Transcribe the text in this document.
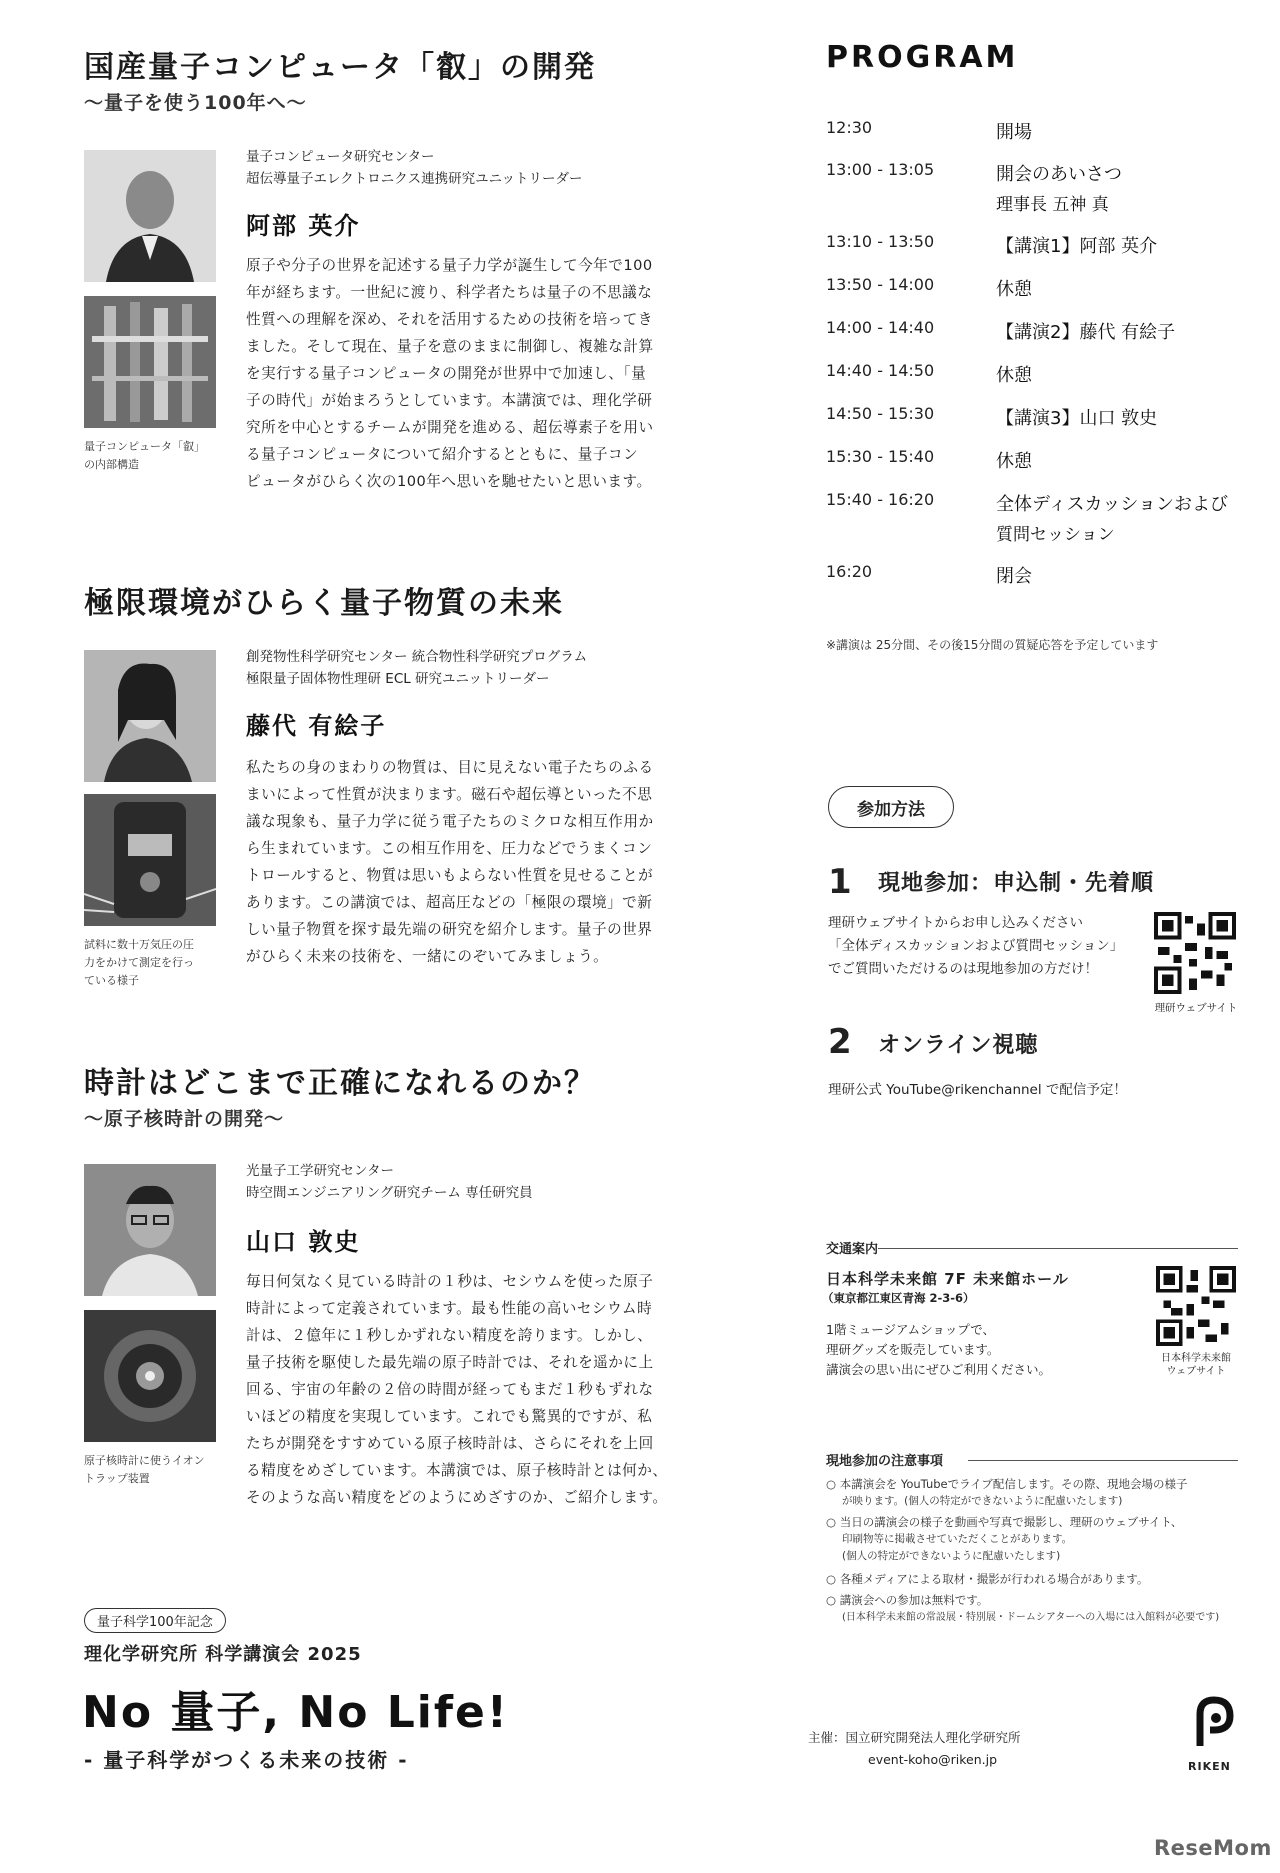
国産量子コンピュータ「叡」の開発
〜量子を使う100年へ〜
量子コンピュータ「叡」
の内部構造
量子コンピュータ研究センター
超伝導量子エレクトロニクス連携研究ユニットリーダー
阿部 英介
原子や分子の世界を記述する量子力学が誕生して今年で100
年が経ちます。一世紀に渡り、科学者たちは量子の不思議な
性質への理解を深め、それを活用するための技術を培ってき
ました。そして現在、量子を意のままに制御し、複雑な計算
を実行する量子コンピュータの開発が世界中で加速し、「量
子の時代」が始まろうとしています。本講演では、理化学研
究所を中心とするチームが開発を進める、超伝導素子を用い
る量子コンピュータについて紹介するとともに、量子コン
ピュータがひらく次の100年へ思いを馳せたいと思います。
極限環境がひらく量子物質の未来
試料に数十万気圧の圧
力をかけて測定を行っ
ている様子
創発物性科学研究センター 統合物性科学研究プログラム
極限量子固体物性理研 ECL 研究ユニットリーダー
藤代 有絵子
私たちの身のまわりの物質は、目に見えない電子たちのふる
まいによって性質が決まります。磁石や超伝導といった不思
議な現象も、量子力学に従う電子たちのミクロな相互作用か
ら生まれています。この相互作用を、圧力などでうまくコン
トロールすると、物質は思いもよらない性質を見せることが
あります。この講演では、超高圧などの「極限の環境」で新
しい量子物質を探す最先端の研究を紹介します。量子の世界
がひらく未来の技術を、一緒にのぞいてみましょう。
時計はどこまで正確になれるのか？
〜原子核時計の開発〜
原子核時計に使うイオン
トラップ装置
光量子工学研究センター
時空間エンジニアリング研究チーム 専任研究員
山口 敦史
毎日何気なく見ている時計の１秒は、セシウムを使った原子
時計によって定義されています。最も性能の高いセシウム時
計は、２億年に１秒しかずれない精度を誇ります。しかし、
量子技術を駆使した最先端の原子時計では、それを遥かに上
回る、宇宙の年齢の２倍の時間が経ってもまだ１秒もずれな
いほどの精度を実現しています。これでも驚異的ですが、私
たちが開発をすすめている原子核時計は、さらにそれを上回
る精度をめざしています。本講演では、原子核時計とは何か、
そのような高い精度をどのようにめざすのか、ご紹介します。
量子科学100年記念
理化学研究所 科学講演会 2025
No 量子, No Life!
- 量子科学がつくる未来の技術 -
PROGRAM
12:30	開場
13:00 - 13:05	開会のあいさつ
理事長 五神 真
13:10 - 13:50	【講演1】阿部 英介
13:50 - 14:00	休憩
14:00 - 14:40	【講演2】藤代 有絵子
14:40 - 14:50	休憩
14:50 - 15:30	【講演3】山口 敦史
15:30 - 15:40	休憩
15:40 - 16:20	全体ディスカッションおよび
質問セッション
16:20	閉会
※講演は 25分間、その後15分間の質疑応答を予定しています
参加方法
1 現地参加：申込制・先着順
理研ウェブサイトからお申し込みください
「全体ディスカッションおよび質問セッション」
でご質問いただけるのは現地参加の方だけ！
理研ウェブサイト
2 オンライン視聴
理研公式 YouTube@rikenchannel で配信予定！
交通案内
日本科学未来館 7F 未来館ホール
（東京都江東区青海 2-3-6）
1階ミュージアムショップで、
理研グッズを販売しています。
講演会の思い出にぜひご利用ください。
日本科学未来館
ウェブサイト
現地参加の注意事項
○ 本講演会を YouTubeでライブ配信します。その際、現地会場の様子
が映ります。(個人の特定ができないように配慮いたします)
○ 当日の講演会の様子を動画や写真で撮影し、理研のウェブサイト、
印刷物等に掲載させていただくことがあります。
(個人の特定ができないように配慮いたします)
○ 各種メディアによる取材・撮影が行われる場合があります。
○ 講演会への参加は無料です。
(日本科学未来館の常設展・特別展・ドームシアターへの入場には入館料が必要です)
主催：国立研究開発法人理化学研究所
event-koho@riken.jp	RIKEN
ReseMom
